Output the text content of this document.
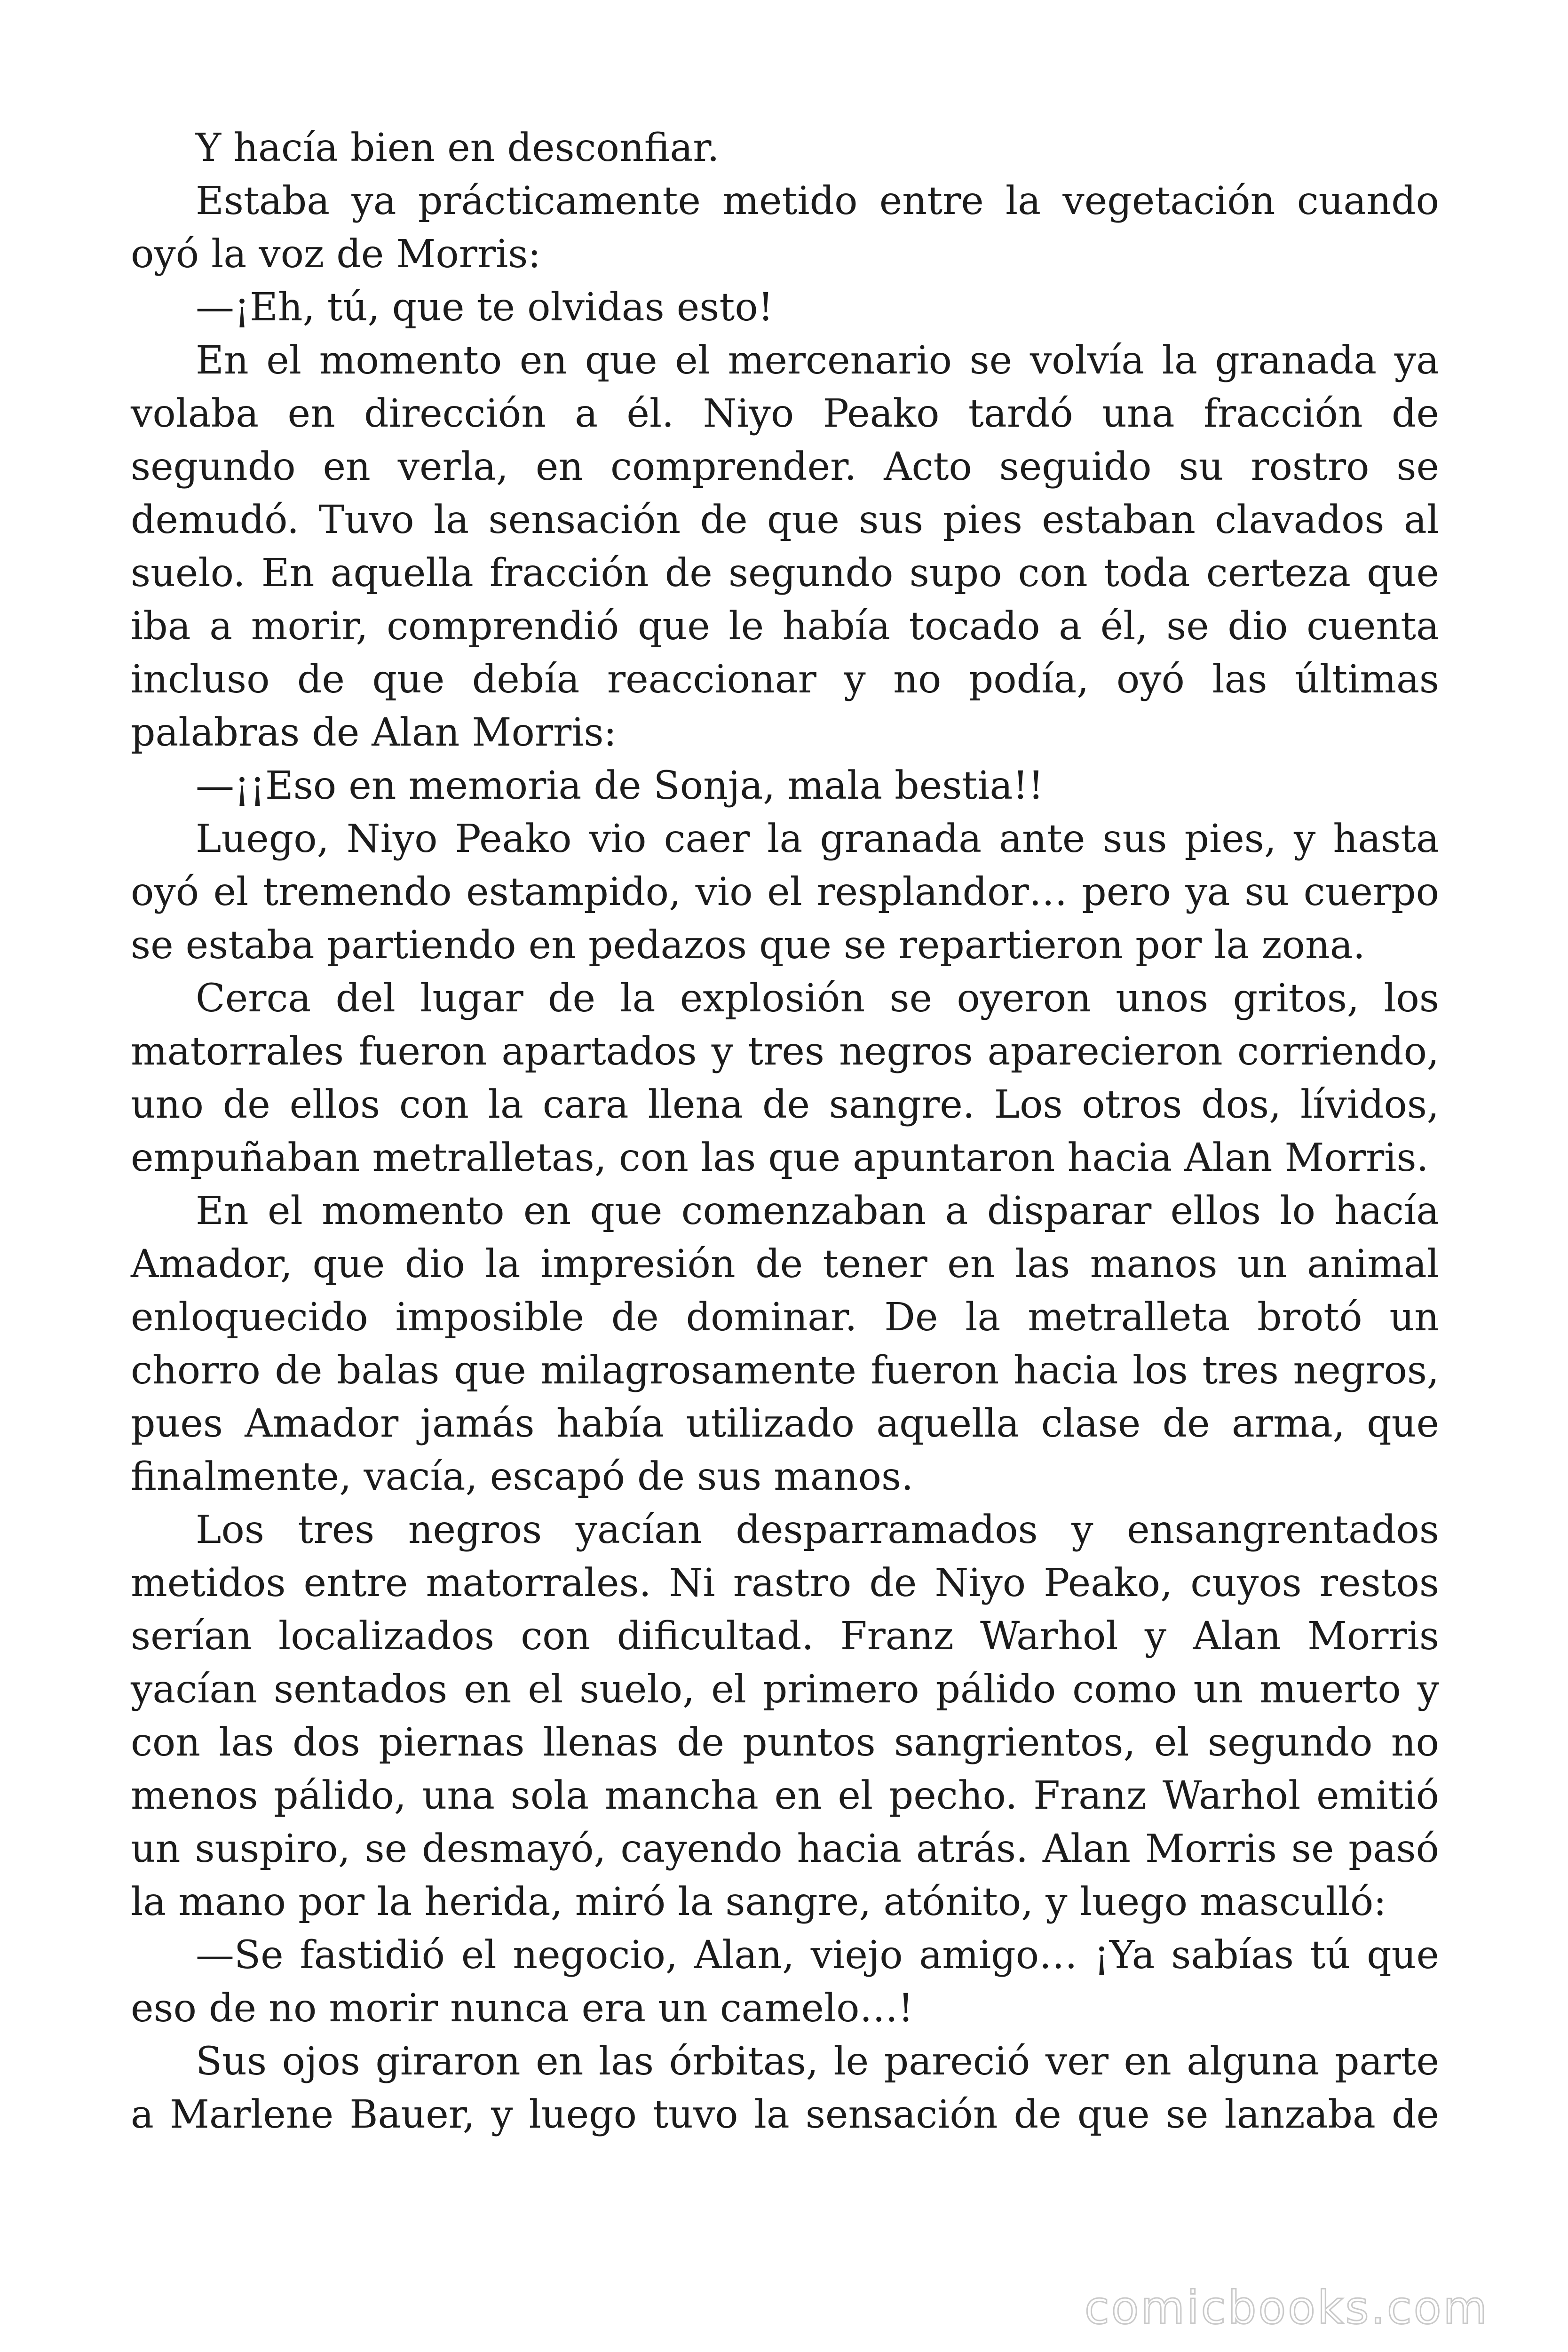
Y hacía bien en desconfiar.

Estaba ya prácticamente metido entre la vegetación cuando oyó la voz de Morris:

—¡Eh, tú, que te olvidas esto!

En el momento en que el mercenario se volvía la granada ya volaba en dirección a él. Niyo Peako tardó una fracción de segundo en verla, en comprender. Acto seguido su rostro se demudó. Tuvo la sensación de que sus pies estaban clavados al suelo. En aquella fracción de segundo supo con toda certeza que iba a morir, comprendió que le había tocado a él, se dio cuenta incluso de que debía reaccionar y no podía, oyó las últimas palabras de Alan Morris:

—¡¡Eso en memoria de Sonja, mala bestia!!

Luego, Niyo Peako vio caer la granada ante sus pies, y hasta oyó el tremendo estampido, vio el resplandor… pero ya su cuerpo se estaba partiendo en pedazos que se repartieron por la zona.

Cerca del lugar de la explosión se oyeron unos gritos, los matorrales fueron apartados y tres negros aparecieron corriendo, uno de ellos con la cara llena de sangre. Los otros dos, lívidos, empuñaban metralletas, con las que apuntaron hacia Alan Morris.

En el momento en que comenzaban a disparar ellos lo hacía Amador, que dio la impresión de tener en las manos un animal enloquecido imposible de dominar. De la metralleta brotó un chorro de balas que milagrosamente fueron hacia los tres negros, pues Amador jamás había utilizado aquella clase de arma, que finalmente, vacía, escapó de sus manos.

Los tres negros yacían desparramados y ensangrentados metidos entre matorrales. Ni rastro de Niyo Peako, cuyos restos serían localizados con dificultad. Franz Warhol y Alan Morris yacían sentados en el suelo, el primero pálido como un muerto y con las dos piernas llenas de puntos sangrientos, el segundo no menos pálido, una sola mancha en el pecho. Franz Warhol emitió un suspiro, se desmayó, cayendo hacia atrás. Alan Morris se pasó la mano por la herida, miró la sangre, atónito, y luego masculló:

—Se fastidió el negocio, Alan, viejo amigo… ¡Ya sabías tú que eso de no morir nunca era un camelo…!

Sus ojos giraron en las órbitas, le pareció ver en alguna parte a Marlene Bauer, y luego tuvo la sensación de que se lanzaba de

comicbooks.com
